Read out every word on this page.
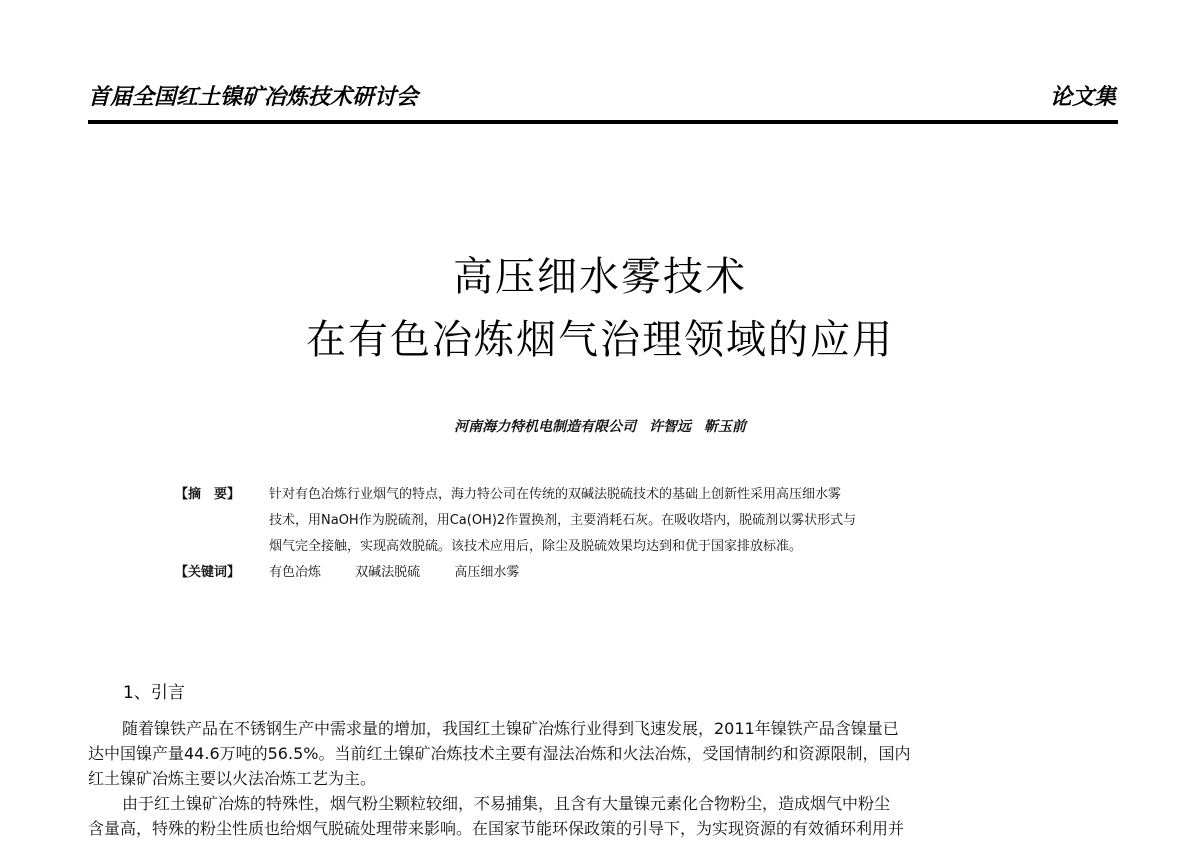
首届全国红土镍矿冶炼技术研讨会	论文集
高压细水雾技术
在有色冶炼烟气治理领域的应用
河南海力特机电制造有限公司 许智远 靳玉前
【摘　要】	针对有色冶炼行业烟气的特点，海力特公司在传统的双碱法脱硫技术的基础上创新性采用高压细水雾
技术，用NaOH作为脱硫剂，用Ca(OH)2作置换剂，主要消耗石灰。在吸收塔内，脱硫剂以雾状形式与
烟气完全接触，实现高效脱硫。该技术应用后，除尘及脱硫效果均达到和优于国家排放标准。
【关键词】	有色冶炼	双碱法脱硫	高压细水雾
1、引言

随着镍铁产品在不锈钢生产中需求量的增加，我国红土镍矿冶炼行业得到飞速发展，2011年镍铁产品含镍量已
达中国镍产量44.6万吨的56.5%。当前红土镍矿冶炼技术主要有湿法冶炼和火法冶炼，受国情制约和资源限制，国内
红土镍矿冶炼主要以火法冶炼工艺为主。

由于红土镍矿冶炼的特殊性，烟气粉尘颗粒较细，不易捕集，且含有大量镍元素化合物粉尘，造成烟气中粉尘
含量高，特殊的粉尘性质也给烟气脱硫处理带来影响。在国家节能环保政策的引导下，为实现资源的有效循环利用并
